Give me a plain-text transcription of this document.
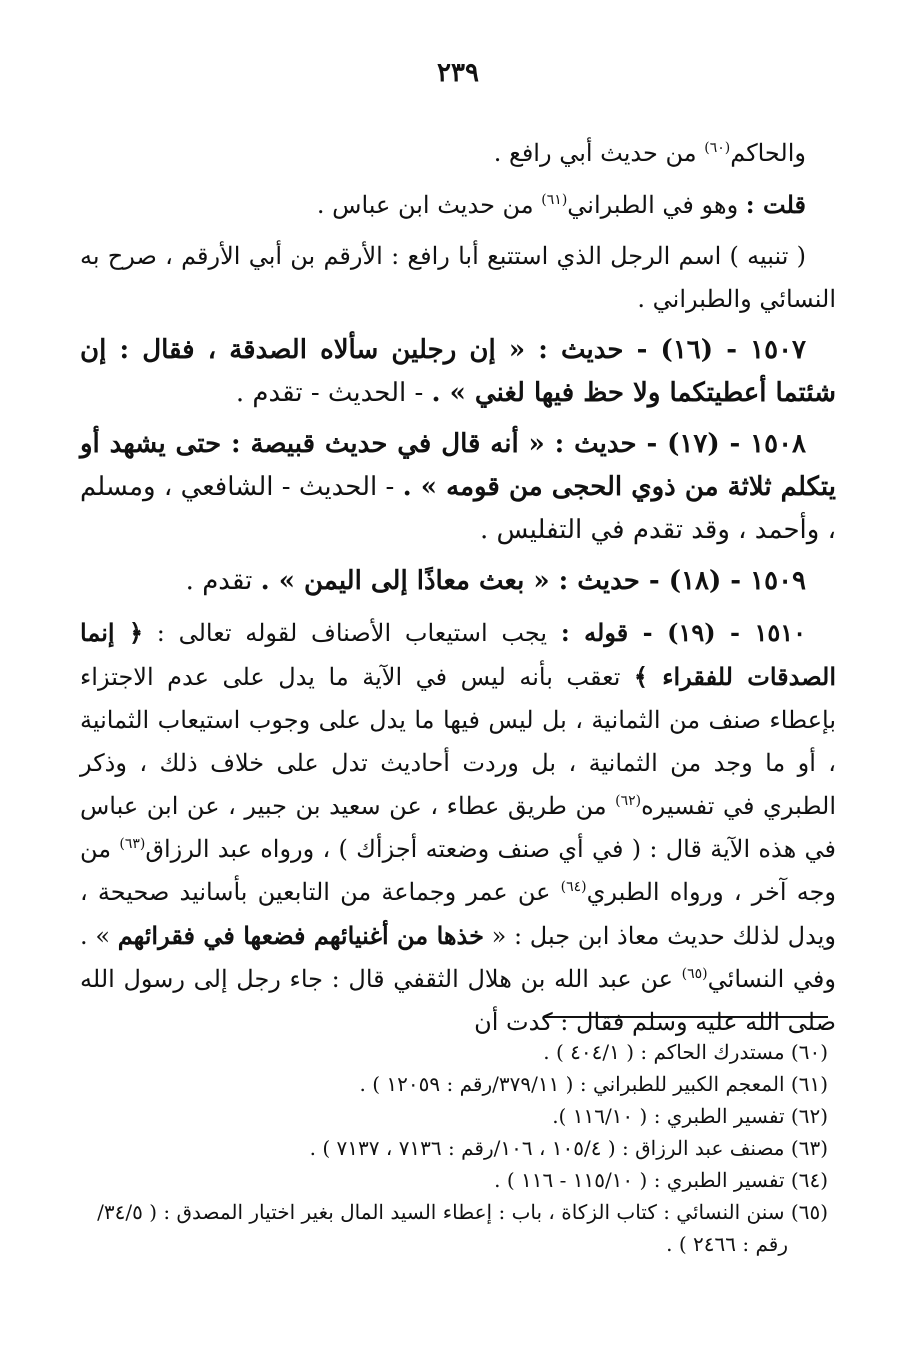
٢٣٩

والحاكم$^{(٦٠)}$ من حديث أبي رافع .

قلت : وهو في الطبراني$^{(٦١)}$ من حديث ابن عباس .

( تنبيه ) اسم الرجل الذي استتبع أبا رافع : الأرقم بن أبي الأرقم ، صرح به النسائي والطبراني .

١٥٠٧ - (١٦) - حديث : « إن رجلين سألاه الصدقة ، فقال : إن شئتما أعطيتكما ولا حظ فيها لغني » . - الحديث - تقدم .

١٥٠٨ - (١٧) - حديث : « أنه قال في حديث قبيصة : حتى يشهد أو يتكلم ثلاثة من ذوي الحجى من قومه » . - الحديث - الشافعي ، ومسلم ، وأحمد ، وقد تقدم في التفليس .

١٥٠٩ - (١٨) - حديث : « بعث معاذًا إلى اليمن » . تقدم .

١٥١٠ - (١٩) - قوله : يجب استيعاب الأصناف لقوله تعالى : ﴿ إنما الصدقات للفقراء ﴾ تعقب بأنه ليس في الآية ما يدل على عدم الاجتزاء بإعطاء صنف من الثمانية ، بل ليس فيها ما يدل على وجوب استيعاب الثمانية ، أو ما وجد من الثمانية ، بل وردت أحاديث تدل على خلاف ذلك ، وذكر الطبري في تفسيره$^{(٦٢)}$ من طريق عطاء ، عن سعيد بن جبير ، عن ابن عباس في هذه الآية قال : ( في أي صنف وضعته أجزأك ) ، ورواه عبد الرزاق$^{(٦٣)}$ من وجه آخر ، ورواه الطبري$^{(٦٤)}$ عن عمر وجماعة من التابعين بأسانيد صحيحة ، ويدل لذلك حديث معاذ ابن جبل : « خذها من أغنيائهم فضعها في فقرائهم » . وفي النسائي$^{(٦٥)}$ عن عبد الله بن هلال الثقفي قال : جاء رجل إلى رسول الله صلى الله عليه وسلم فقال : كدت أن

(٦٠) مستدرك الحاكم : ( ٤٠٤/١ ) .

(٦١) المعجم الكبير للطبراني : ( ٣٧٩/١١/رقم : ١٢٠٥٩ ) .

(٦٢) تفسير الطبري : ( ١١٦/١٠ ).

(٦٣) مصنف عبد الرزاق : ( ١٠٥/٤ ، ١٠٦/رقم : ٧١٣٦ ، ٧١٣٧ ) .

(٦٤) تفسير الطبري : ( ١١٥/١٠ - ١١٦ ) .

(٦٥) سنن النسائي : كتاب الزكاة ، باب : إعطاء السيد المال بغير اختيار المصدق : ( ٣٤/٥/
رقم : ٢٤٦٦ ) .
